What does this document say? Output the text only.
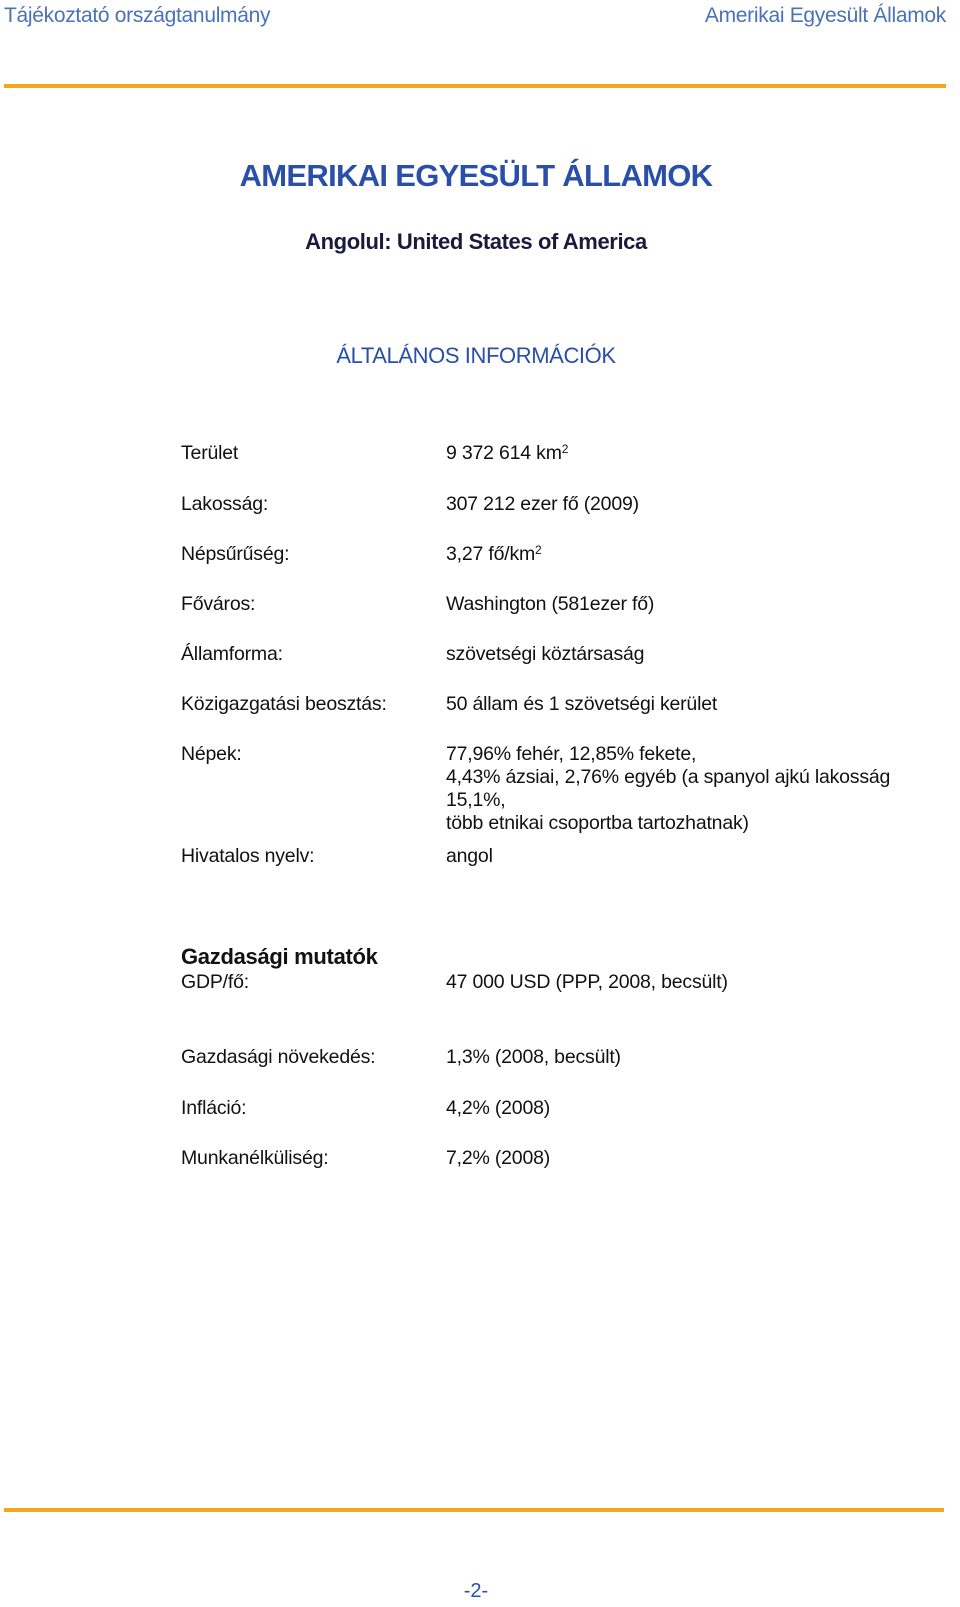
Tájékoztató országtanulmány	Amerikai Egyesült Államok
AMERIKAI EGYESÜLT ÁLLAMOK
Angolul: United States of America
ÁLTALÁNOS INFORMÁCIÓK
Terület	9 372 614 $km^2$
Lakosság:	307 212 ezer fő (2009)
Népsűrűség:	3,27 $fő/km^2$
Főváros:	Washington (581ezer fő)
Államforma:	szövetségi köztársaság
Közigazgatási beosztás:	50 állam és 1 szövetségi kerület
Népek:	77,96% fehér, 12,85% fekete,
4,43% ázsiai, 2,76% egyéb (a spanyol ajkú lakosság 15,1%,
több etnikai csoportba tartozhatnak)
Hivatalos nyelv:	angol
Gazdasági mutatók
GDP/fő:	47 000 USD (PPP, 2008, becsült)
Gazdasági növekedés:	1,3% (2008, becsült)
Infláció:	4,2% (2008)
Munkanélküliség:	7,2% (2008)
-2-
